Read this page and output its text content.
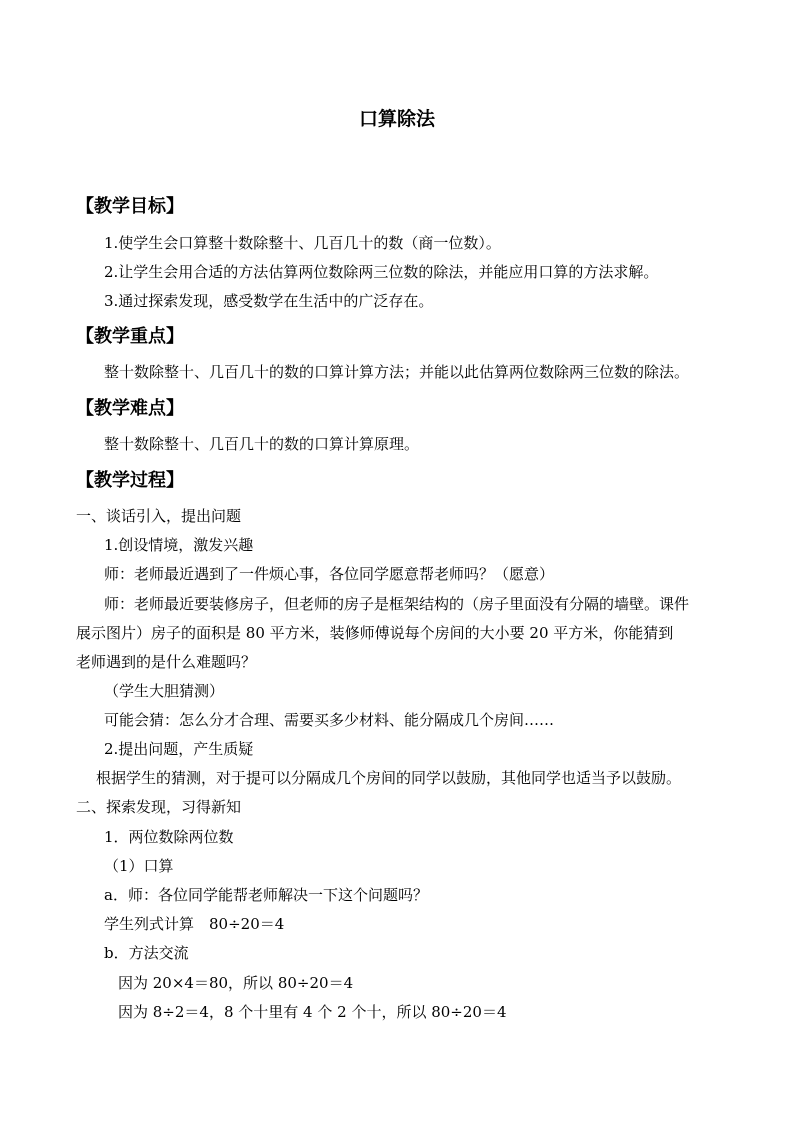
口算除法
【教学目标】
1.使学生会口算整十数除整十、几百几十的数（商一位数）。
2.让学生会用合适的方法估算两位数除两三位数的除法，并能应用口算的方法求解。
3.通过探索发现，感受数学在生活中的广泛存在。
【教学重点】
整十数除整十、几百几十的数的口算计算方法；并能以此估算两位数除两三位数的除法。
【教学难点】
整十数除整十、几百几十的数的口算计算原理。
【教学过程】
一、谈话引入，提出问题
1.创设情境，激发兴趣
师：老师最近遇到了一件烦心事，各位同学愿意帮老师吗？（愿意）
师：老师最近要装修房子，但老师的房子是框架结构的（房子里面没有分隔的墙壁。课件
展示图片）房子的面积是 80 平方米，装修师傅说每个房间的大小要 20 平方米，你能猜到
老师遇到的是什么难题吗？
（学生大胆猜测）
可能会猜：怎么分才合理、需要买多少材料、能分隔成几个房间……
2.提出问题，产生质疑
根据学生的猜测，对于提可以分隔成几个房间的同学以鼓励，其他同学也适当予以鼓励。
二、探索发现，习得新知
1．两位数除两位数
（1）口算
a．师：各位同学能帮老师解决一下这个问题吗？
学生列式计算　80÷20＝4
b．方法交流
因为 20×4＝80，所以 80÷20＝4
因为 8÷2＝4，8 个十里有 4 个 2 个十，所以 80÷20＝4
